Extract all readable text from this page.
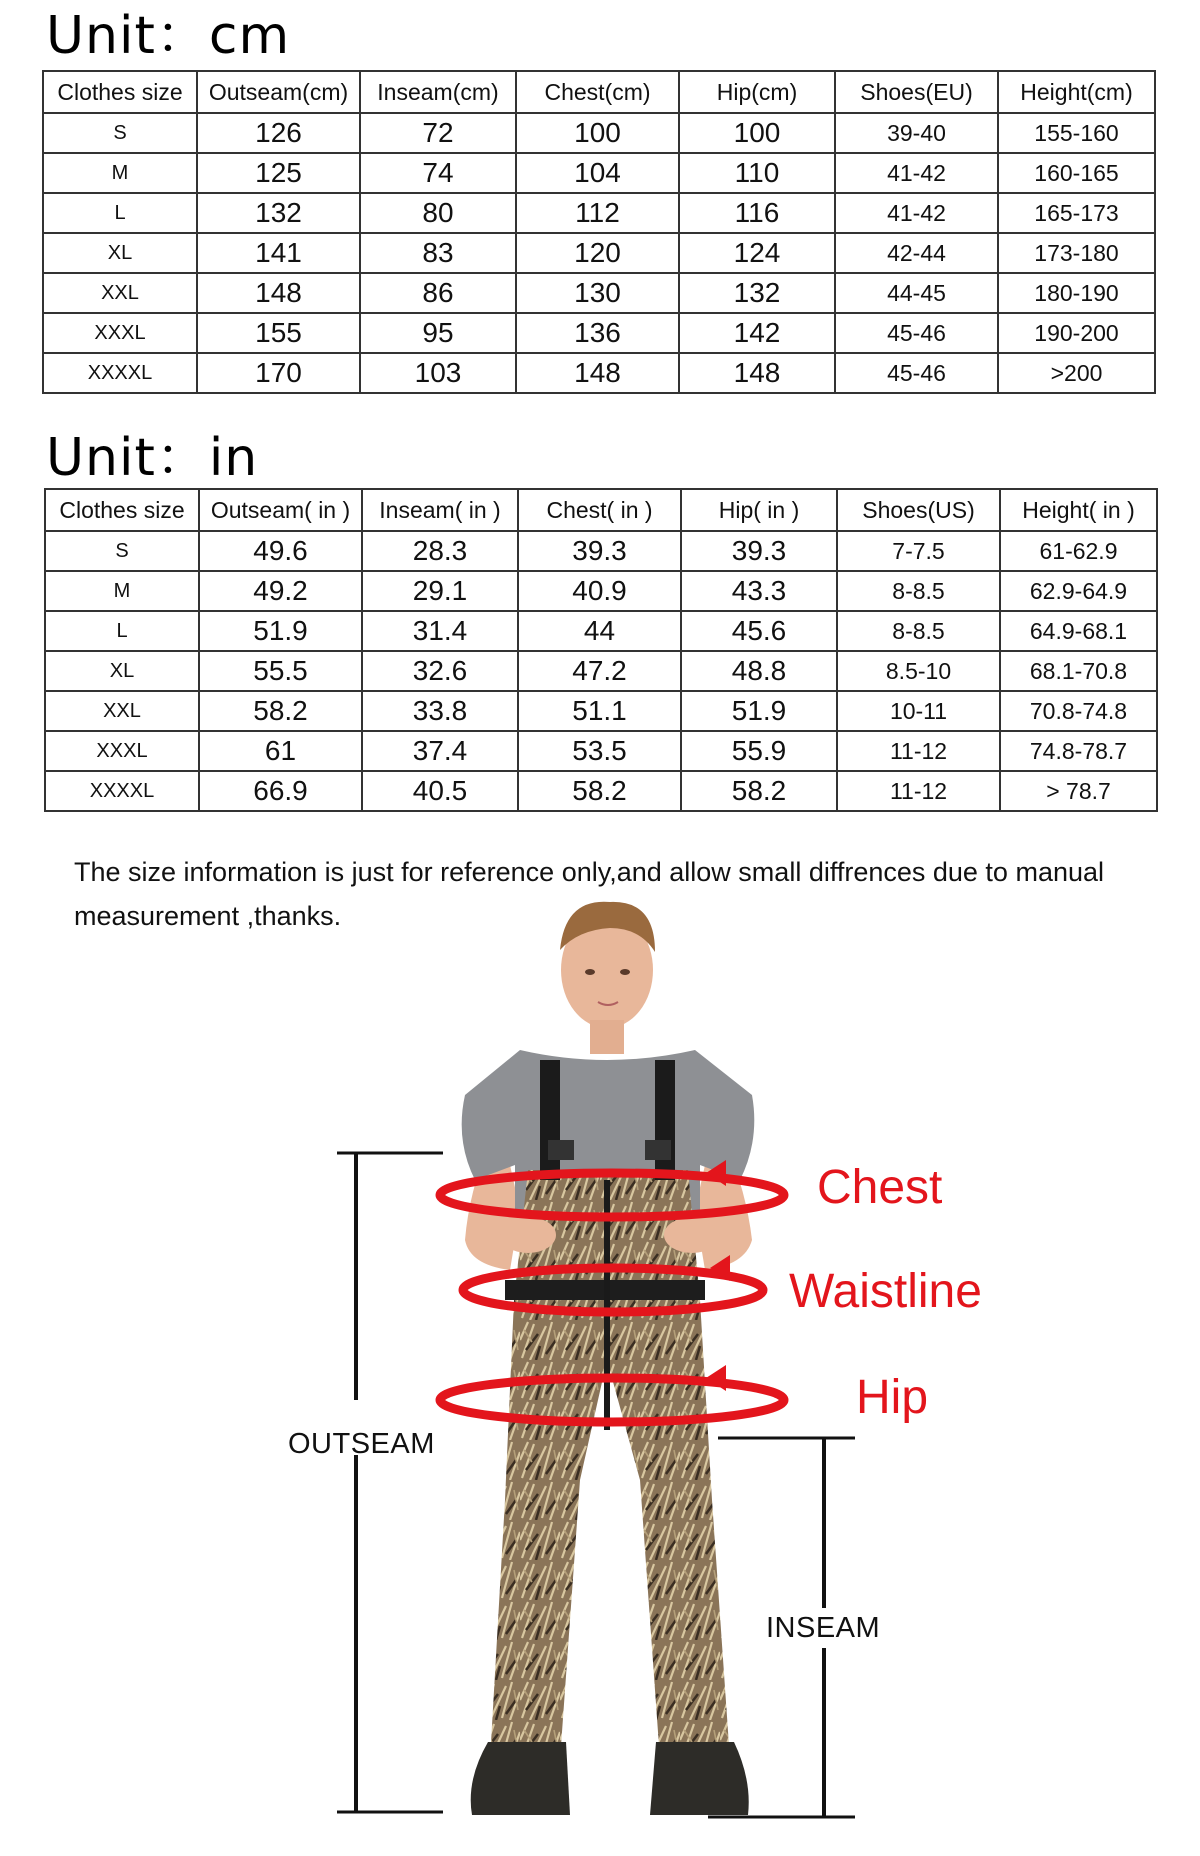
Unit：cm
Clothes size	Outseam(cm)	Inseam(cm)	Chest(cm)	Hip(cm)	Shoes(EU)	Height(cm)
S	126	72	100	100	39-40	155-160
M	125	74	104	110	41-42	160-165
L	132	80	112	116	41-42	165-173
XL	141	83	120	124	42-44	173-180
XXL	148	86	130	132	44-45	180-190
XXXL	155	95	136	142	45-46	190-200
XXXXL	170	103	148	148	45-46	>200
Unit：in
Clothes size	Outseam( in )	Inseam( in )	Chest( in )	Hip( in )	Shoes(US)	Height( in )
S	49.6	28.3	39.3	39.3	7-7.5	61-62.9
M	49.2	29.1	40.9	43.3	8-8.5	62.9-64.9
L	51.9	31.4	44	45.6	8-8.5	64.9-68.1
XL	55.5	32.6	47.2	48.8	8.5-10	68.1-70.8
XXL	58.2	33.8	51.1	51.9	10-11	70.8-74.8
XXXL	61	37.4	53.5	55.9	11-12	74.8-78.7
XXXXL	66.9	40.5	58.2	58.2	11-12	> 78.7
The size information is just for reference only,and allow small diffrences due to manual measurement ,thanks.
Chest
Waistline
Hip
OUTSEAM
INSEAM
